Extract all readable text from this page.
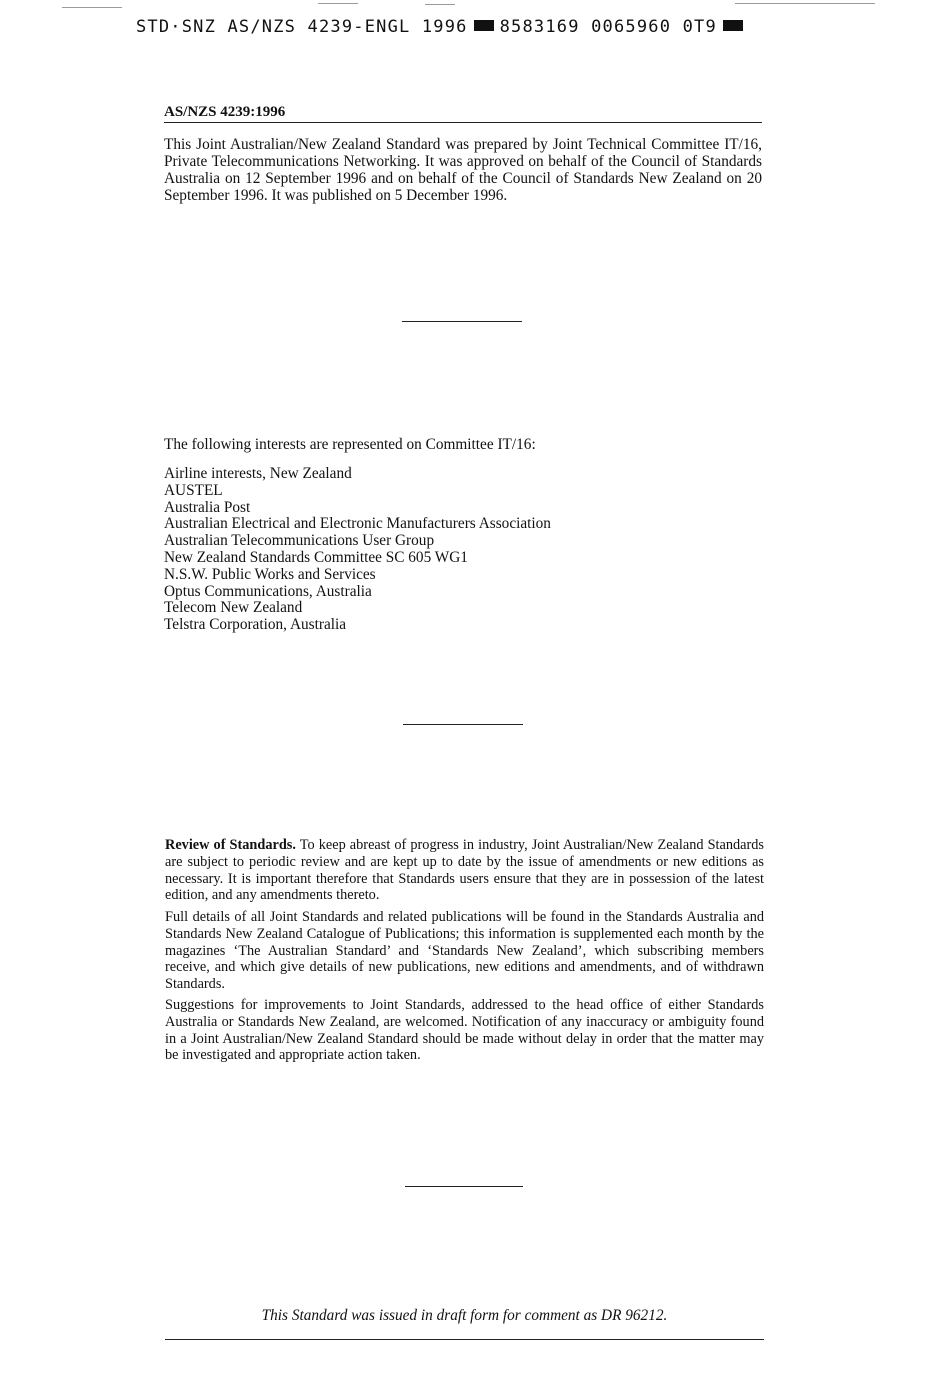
STD·SNZ AS/NZS 4239-ENGL 1996 8583169 0065960 0T9
AS/NZS 4239:1996

This Joint Australian/New Zealand Standard was prepared by Joint Technical Committee IT/16, Private Telecommunications Networking. It was approved on behalf of the Council of Standards Australia on 12 September 1996 and on behalf of the Council of Standards New Zealand on 20 September 1996. It was published on 5 December 1996.

The following interests are represented on Committee IT/16:

Airline interests, New Zealand
AUSTEL
Australia Post
Australian Electrical and Electronic Manufacturers Association
Australian Telecommunications User Group
New Zealand Standards Committee SC 605 WG1
N.S.W. Public Works and Services
Optus Communications, Australia
Telecom New Zealand
Telstra Corporation, Australia

Review of Standards. To keep abreast of progress in industry, Joint Australian/New Zealand Standards are subject to periodic review and are kept up to date by the issue of amendments or new editions as necessary. It is important therefore that Standards users ensure that they are in possession of the latest edition, and any amendments thereto.

Full details of all Joint Standards and related publications will be found in the Standards Australia and Standards New Zealand Catalogue of Publications; this information is supplemented each month by the magazines ‘The Australian Standard’ and ‘Standards New Zealand’, which subscribing members receive, and which give details of new publications, new editions and amendments, and of withdrawn Standards.

Suggestions for improvements to Joint Standards, addressed to the head office of either Standards Australia or Standards New Zealand, are welcomed. Notification of any inaccuracy or ambiguity found in a Joint Australian/New Zealand Standard should be made without delay in order that the matter may be investigated and appropriate action taken.

This Standard was issued in draft form for comment as DR 96212.
